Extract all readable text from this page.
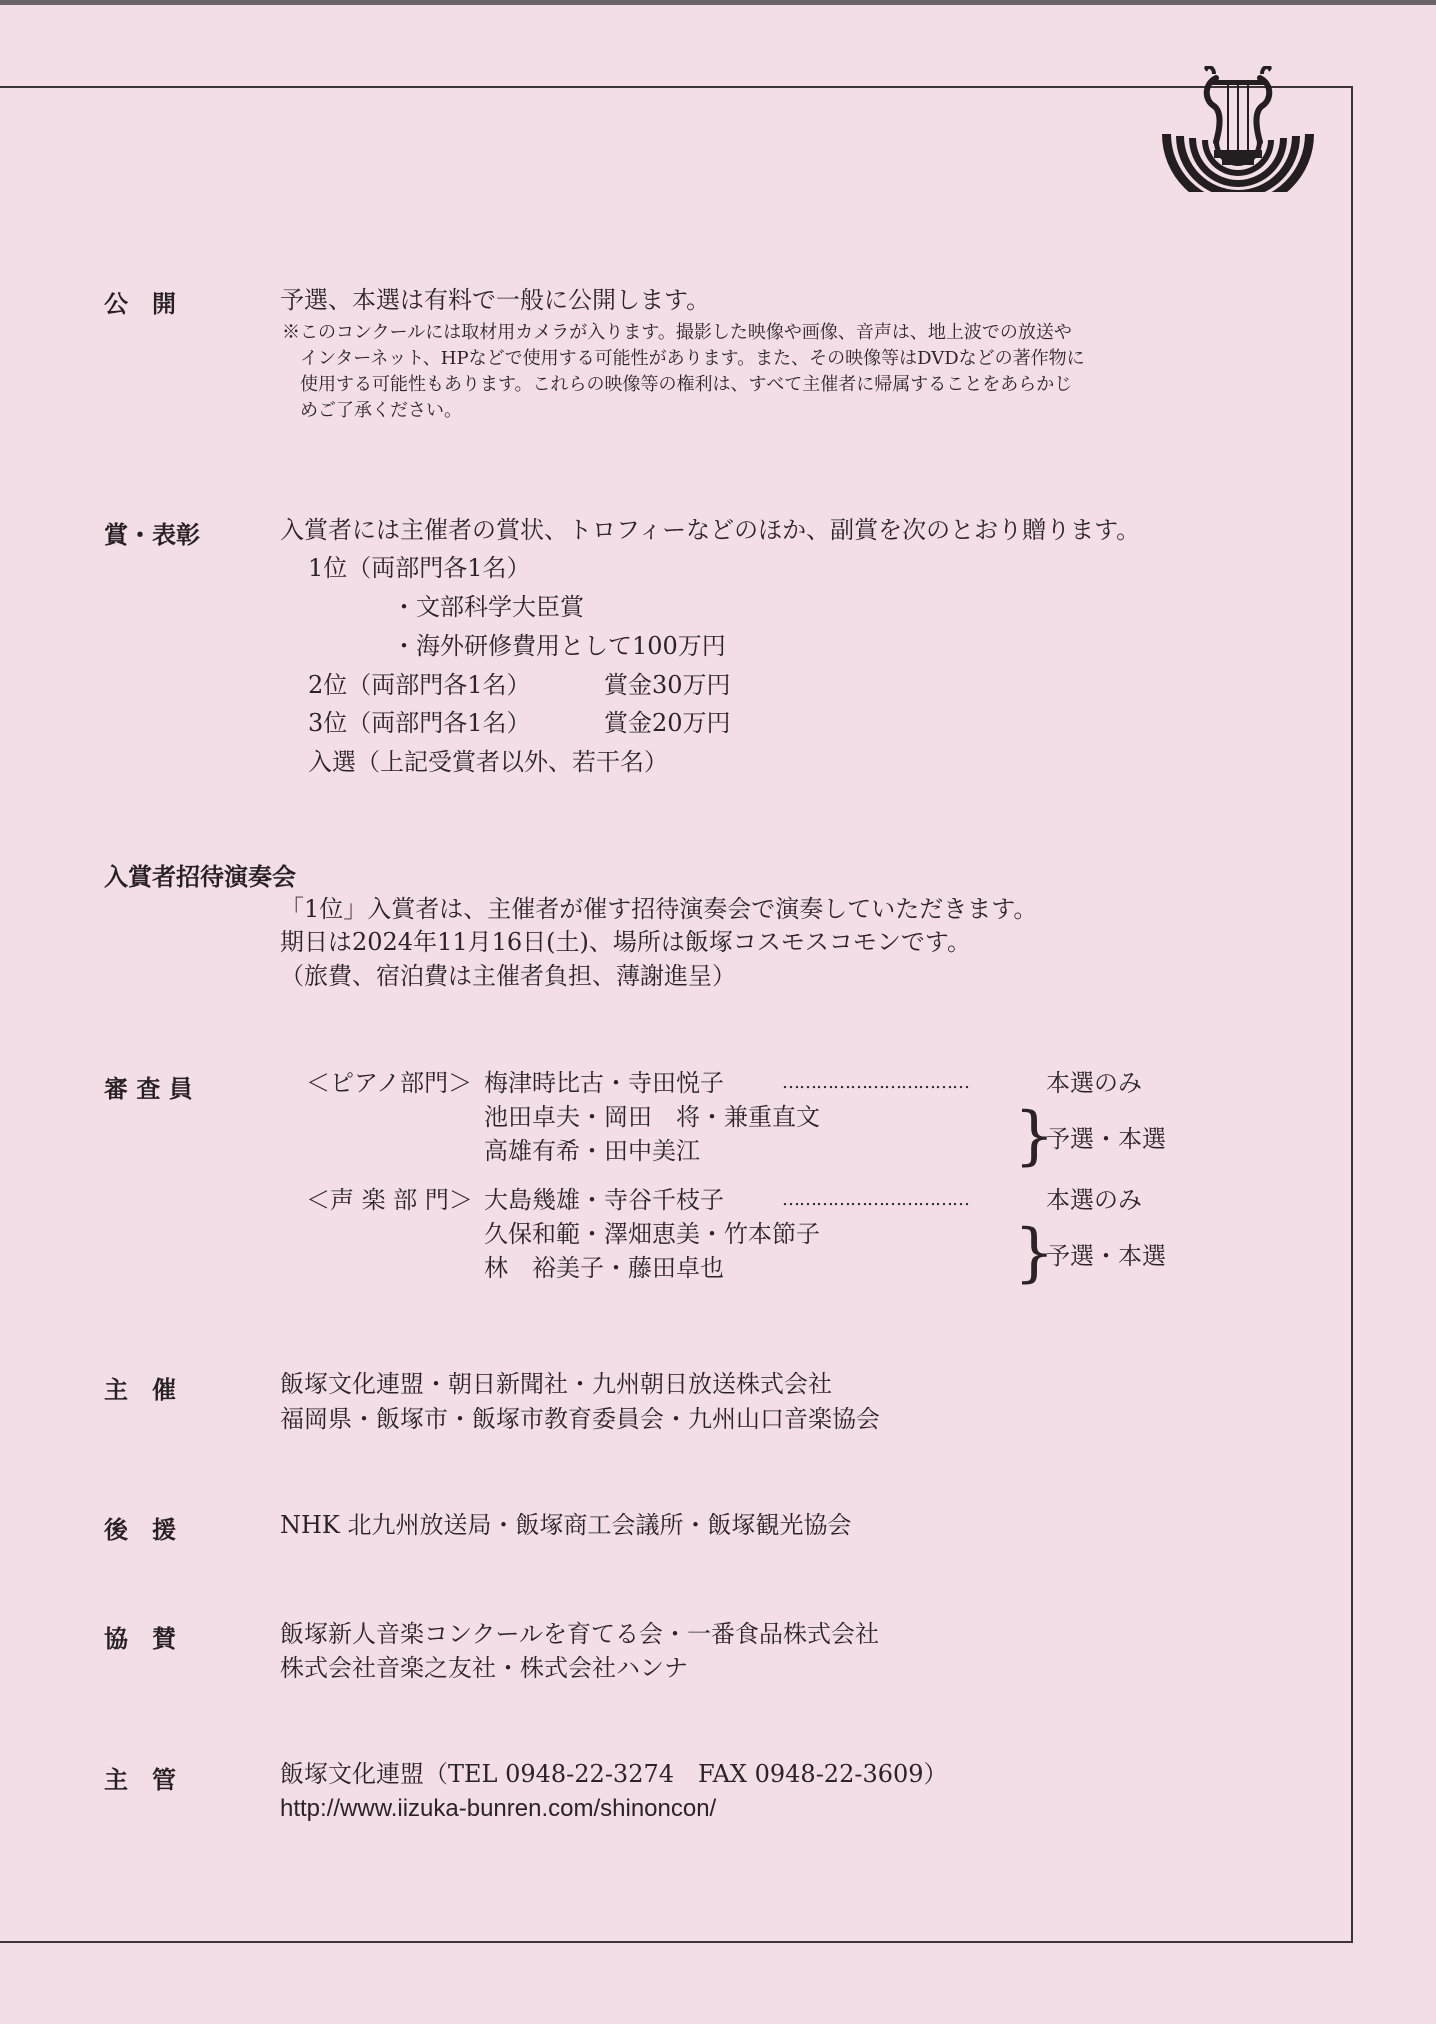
公　開	予選、本選は有料で一般に公開します。
※このコンクールには取材用カメラが入ります。撮影した映像や画像、音声は、地上波での放送や
インターネット、HPなどで使用する可能性があります。また、その映像等はDVDなどの著作物に
使用する可能性もあります。これらの映像等の権利は、すべて主催者に帰属することをあらかじ
めご了承ください。
賞・表彰	入賞者には主催者の賞状、トロフィーなどのほか、副賞を次のとおり贈ります。
1位（両部門各1名）
・文部科学大臣賞
・海外研修費用として100万円
2位（両部門各1名）	賞金30万円
3位（両部門各1名）	賞金20万円
入選（上記受賞者以外、若干名）
入賞者招待演奏会
「1位」入賞者は、主催者が催す招待演奏会で演奏していただきます。
期日は2024年11月16日(土)、場所は飯塚コスモスコモンです。
（旅費、宿泊費は主催者負担、薄謝進呈）
審 査 員	＜ピアノ部門＞ 梅津時比古・寺田悦子	……………………………	本選のみ
池田卓夫・岡田　将・兼重直文
高雄有希・田中美江	}
予選・本選
＜声 楽 部 門＞ 大島幾雄・寺谷千枝子	……………………………	本選のみ
久保和範・澤畑恵美・竹本節子
林　裕美子・藤田卓也	}
予選・本選
主　催	飯塚文化連盟・朝日新聞社・九州朝日放送株式会社
福岡県・飯塚市・飯塚市教育委員会・九州山口音楽協会
後　援	NHK 北九州放送局・飯塚商工会議所・飯塚観光協会
協　賛	飯塚新人音楽コンクールを育てる会・一番食品株式会社
株式会社音楽之友社・株式会社ハンナ
主　管	飯塚文化連盟（TEL 0948-22-3274　FAX 0948-22-3609）
http://www.iizuka-bunren.com/shinoncon/
